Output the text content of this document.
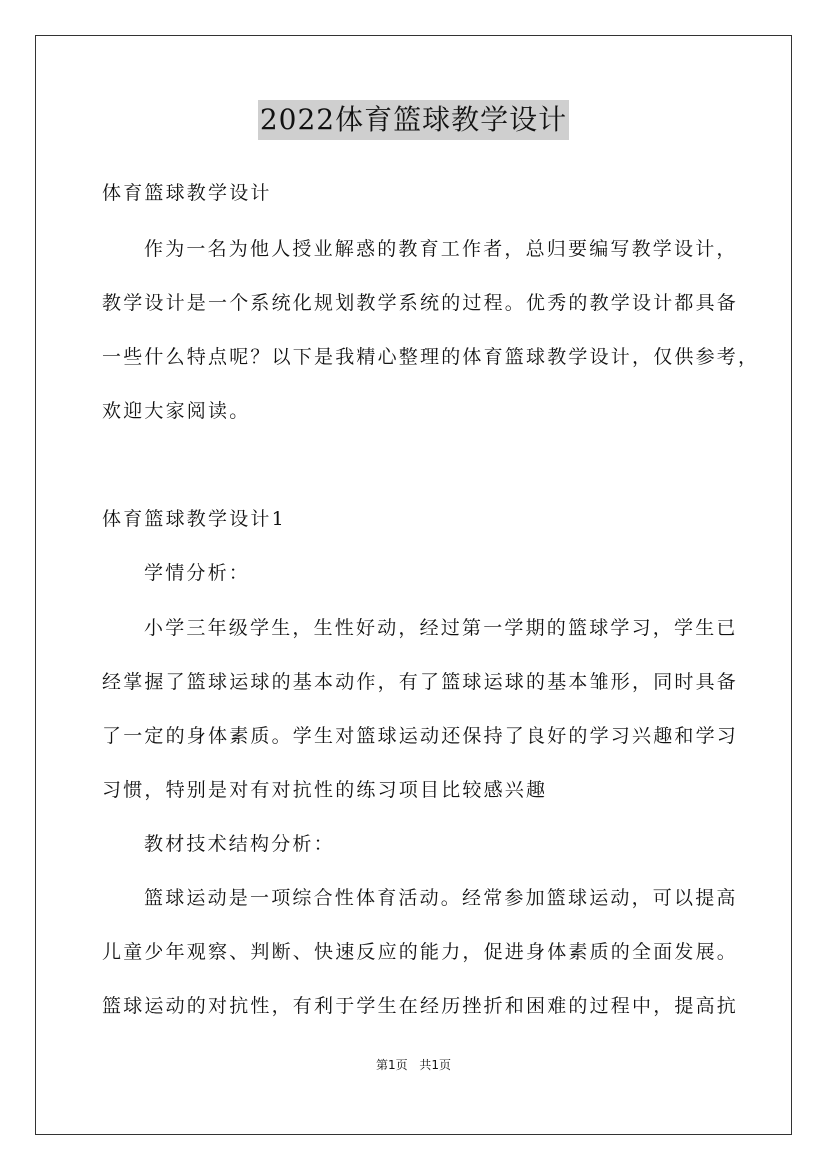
2022体育篮球教学设计
体育篮球教学设计
作为一名为他人授业解惑的教育工作者，总归要编写教学设计，
教学设计是一个系统化规划教学系统的过程。优秀的教学设计都具备
一些什么特点呢？以下是我精心整理的体育篮球教学设计，仅供参考，
欢迎大家阅读。
体育篮球教学设计1
学情分析：
小学三年级学生，生性好动，经过第一学期的篮球学习，学生已
经掌握了篮球运球的基本动作，有了篮球运球的基本雏形，同时具备
了一定的身体素质。学生对篮球运动还保持了良好的学习兴趣和学习
习惯，特别是对有对抗性的练习项目比较感兴趣
教材技术结构分析：
篮球运动是一项综合性体育活动。经常参加篮球运动，可以提高
儿童少年观察、判断、快速反应的能力，促进身体素质的全面发展。
篮球运动的对抗性，有利于学生在经历挫折和困难的过程中，提高抗
第1页 共1页
